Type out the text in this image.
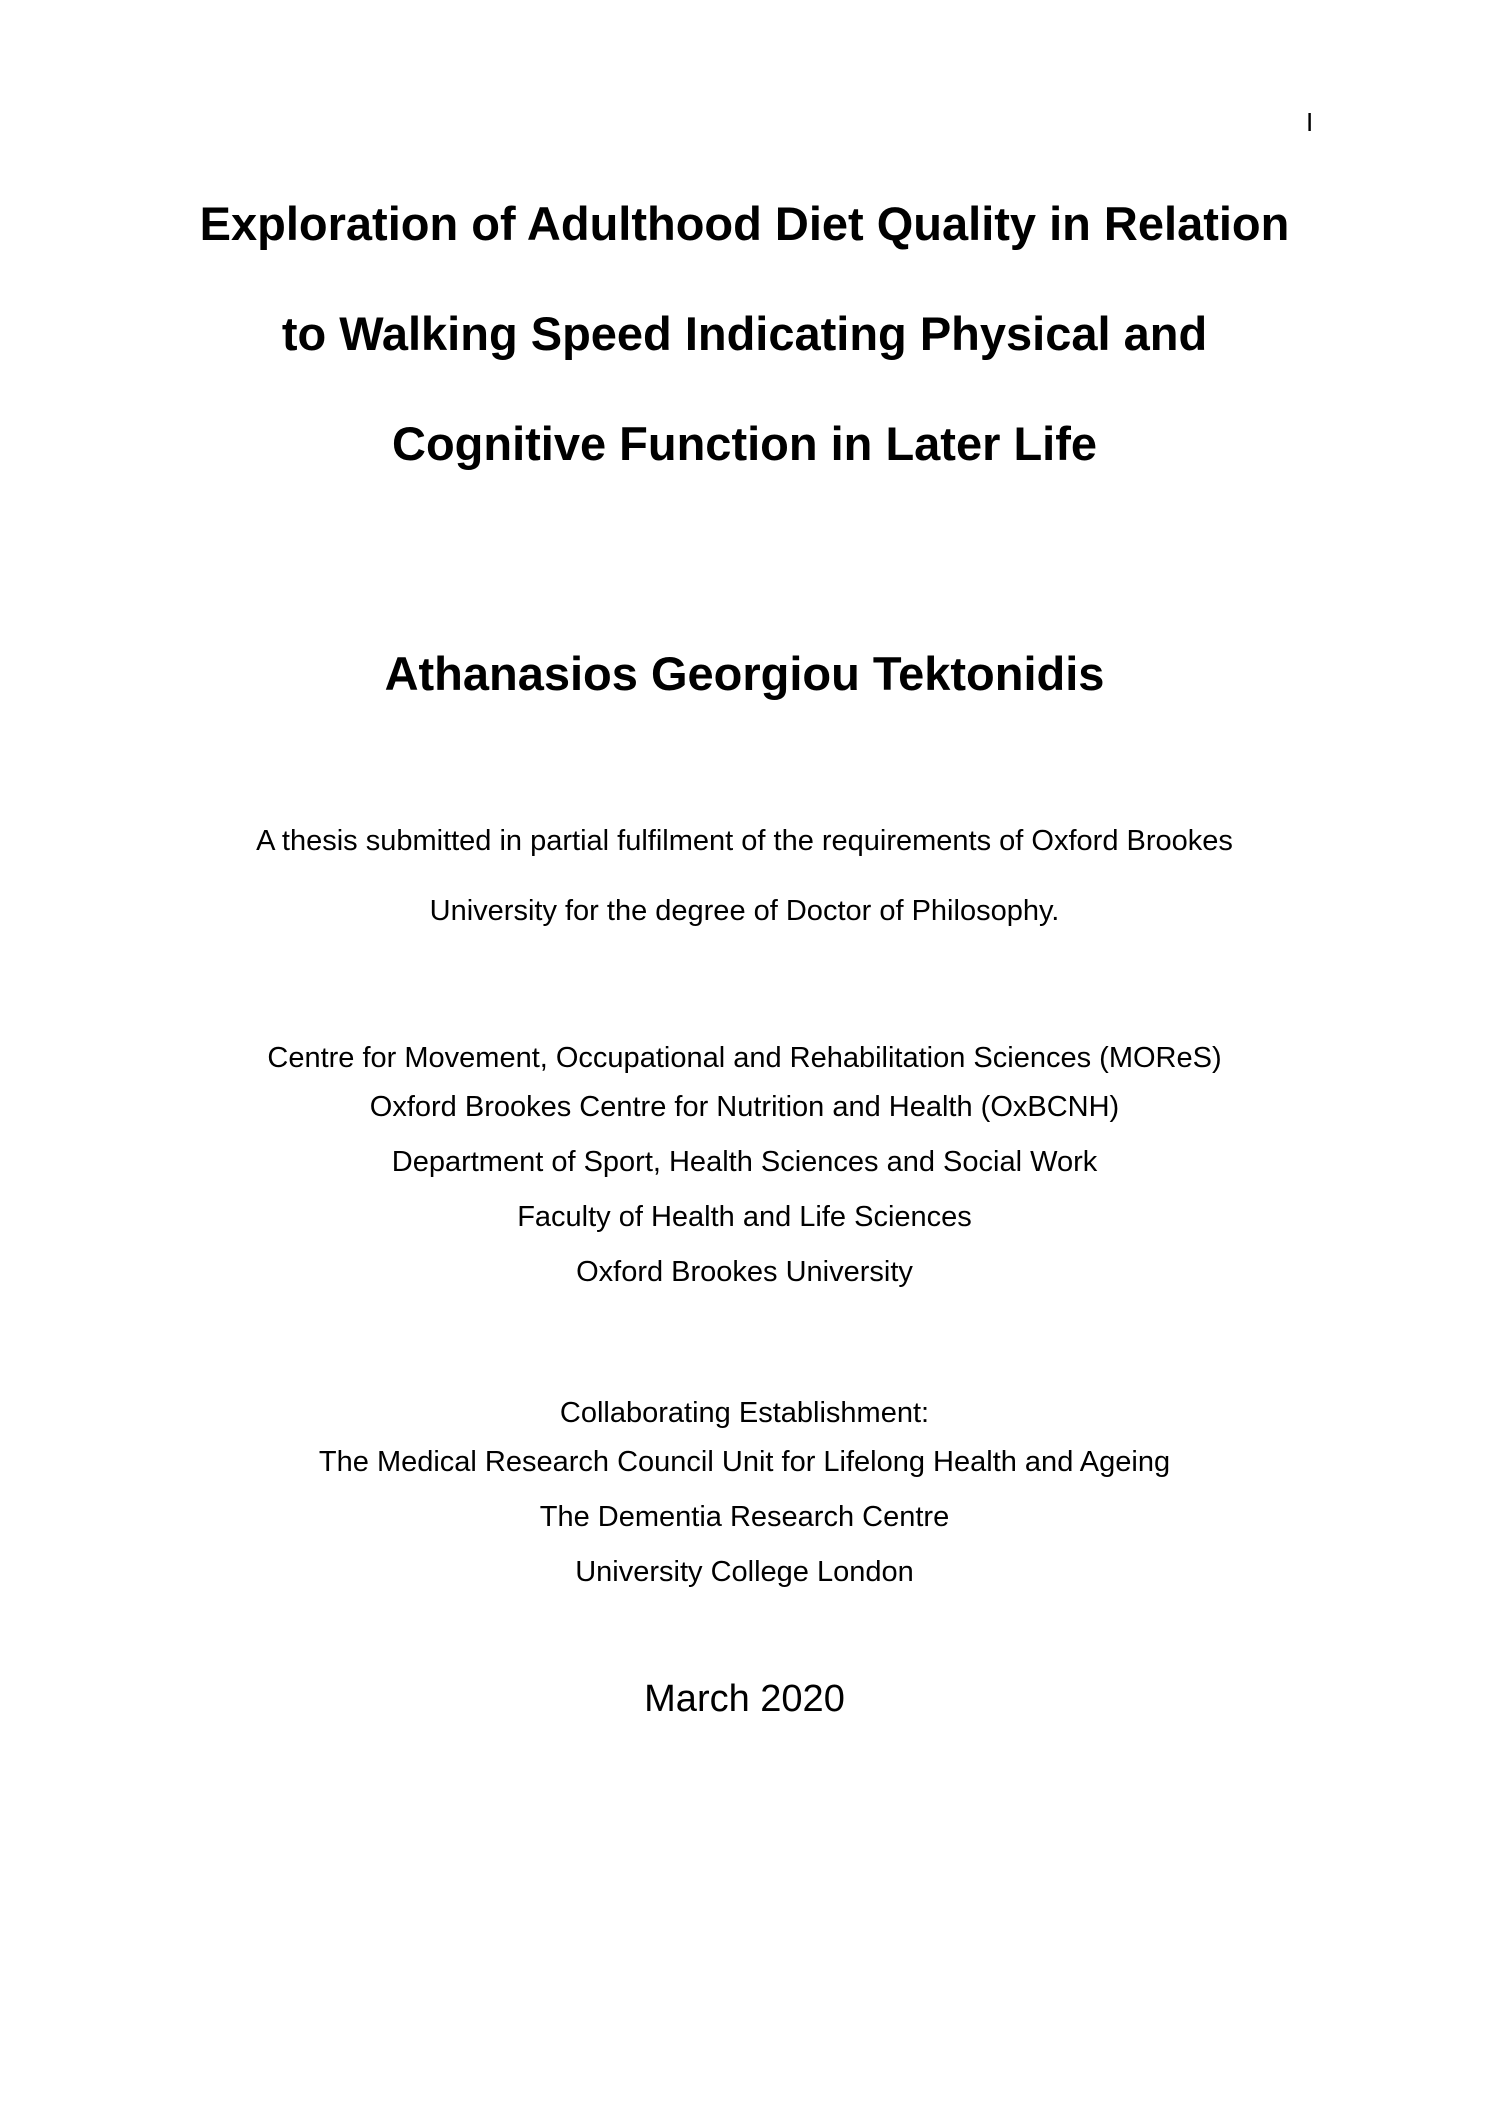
I
Exploration of Adulthood Diet Quality in Relation
to Walking Speed Indicating Physical and
Cognitive Function in Later Life
Athanasios Georgiou Tektonidis
A thesis submitted in partial fulfilment of the requirements of Oxford Brookes
University for the degree of Doctor of Philosophy.
Centre for Movement, Occupational and Rehabilitation Sciences (MOReS)
Oxford Brookes Centre for Nutrition and Health (OxBCNH)
Department of Sport, Health Sciences and Social Work
Faculty of Health and Life Sciences
Oxford Brookes University
Collaborating Establishment:
The Medical Research Council Unit for Lifelong Health and Ageing
The Dementia Research Centre
University College London
March 2020
